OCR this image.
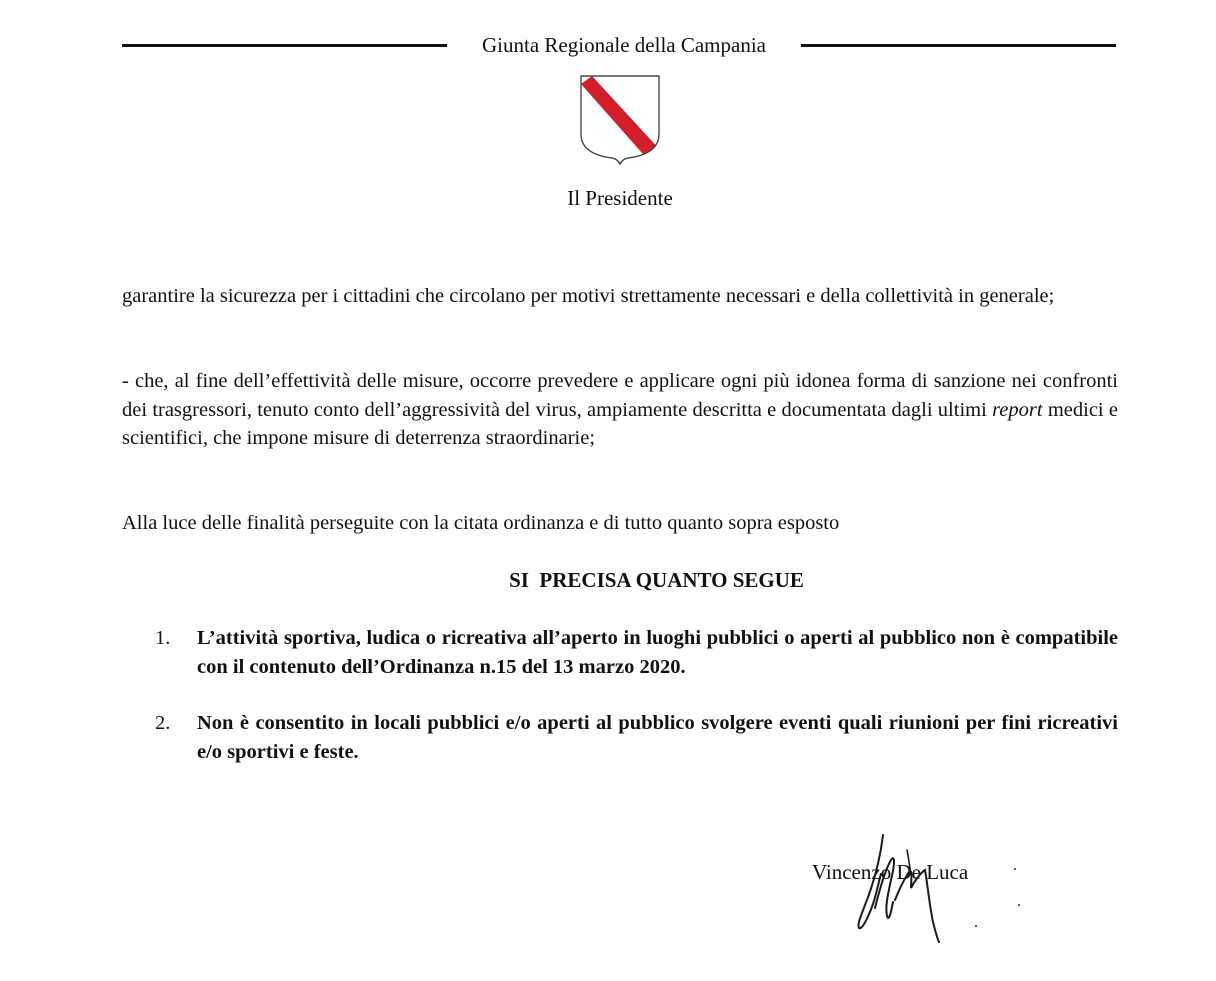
Giunta Regionale della Campania
Il Presidente

garantire la sicurezza per i cittadini che circolano per motivi strettamente necessari e della collettività in generale;

- che, al fine dell’effettività delle misure, occorre prevedere e applicare ogni più idonea forma di sanzione nei confronti dei trasgressori, tenuto conto dell’aggressività del virus, ampiamente descritta e documentata dagli ultimi report medici e scientifici, che impone misure di deterrenza straordinarie;

Alla luce delle finalità perseguite con la citata ordinanza e di tutto quanto sopra esposto

SI  PRECISA QUANTO SEGUE
1.	L’attività sportiva, ludica o ricreativa all’aperto in luoghi pubblici o aperti al pubblico non è compatibile con il contenuto dell’Ordinanza n.15 del 13 marzo 2020.
2.	Non è consentito in locali pubblici e/o aperti al pubblico svolgere eventi quali riunioni per fini ricreativi e/o sportivi e feste.
Vincenzo De Luca
